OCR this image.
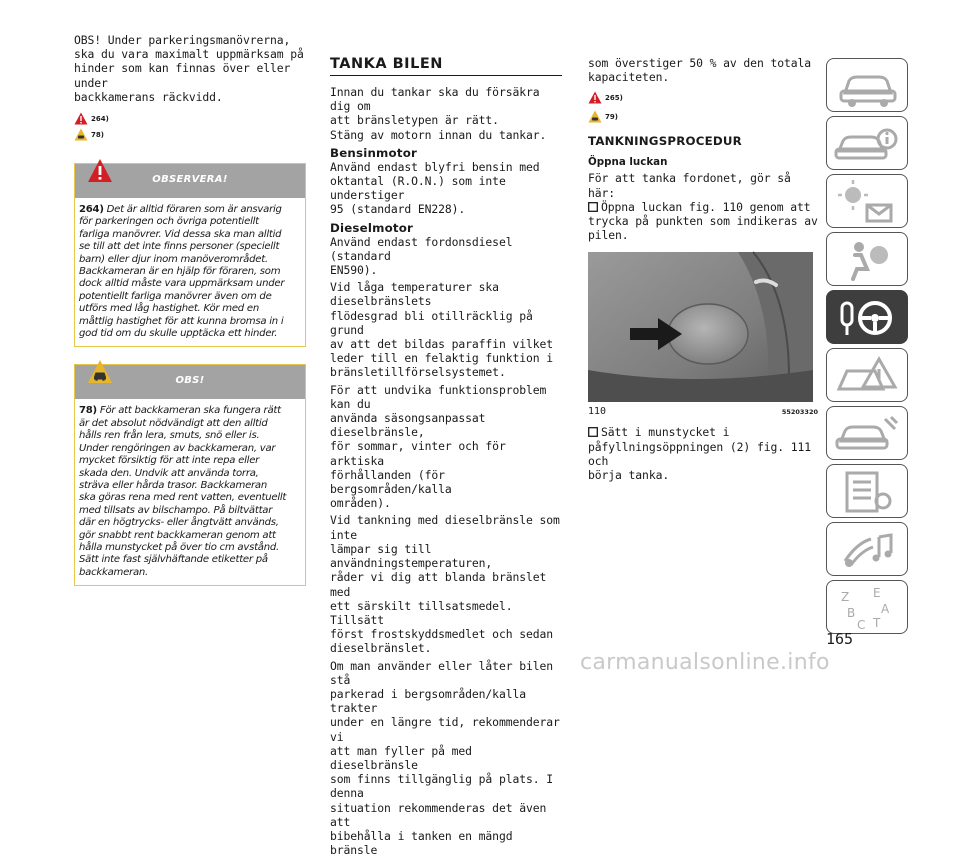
OBS! Under parkeringsmanövrerna,
ska du vara maximalt uppmärksam på
hinder som kan finnas över eller under
backkamerans räckvidd.
264)
78)
OBSERVERA!
264) Det är alltid föraren som är ansvarig
för parkeringen och övriga potentiellt
farliga manövrer. Vid dessa ska man alltid
se till att det inte finns personer (speciellt
barn) eller djur inom manöverområdet.
Backkameran är en hjälp för föraren, som
dock alltid måste vara uppmärksam under
potentiellt farliga manövrer även om de
utförs med låg hastighet. Kör med en
måttlig hastighet för att kunna bromsa in i
god tid om du skulle upptäcka ett hinder.
OBS!
78) För att backkameran ska fungera rätt
är det absolut nödvändigt att den alltid
hålls ren från lera, smuts, snö eller is.
Under rengöringen av backkameran, var
mycket försiktig för att inte repa eller
skada den. Undvik att använda torra,
sträva eller hårda trasor. Backkameran
ska göras rena med rent vatten, eventuellt
med tillsats av bilschampo. På biltvättar
där en högtrycks- eller ångtvätt används,
gör snabbt rent backkameran genom att
hålla munstycket på över tio cm avstånd.
Sätt inte fast självhäftande etiketter på
backkameran.
TANKA BILEN
Innan du tankar ska du försäkra dig om
att bränsletypen är rätt.
Stäng av motorn innan du tankar.
Bensinmotor
Använd endast blyfri bensin med
oktantal (R.O.N.) som inte understiger
95 (standard EN228).
Dieselmotor
Använd endast fordonsdiesel (standard
EN590).
Vid låga temperaturer ska dieselbränslets
flödesgrad bli otillräcklig på grund
av att det bildas paraffin vilket
leder till en felaktig funktion i
bränsletillförselsystemet.
För att undvika funktionsproblem kan du
använda säsongsanpassat dieselbränsle,
för sommar, vinter och för arktiska
förhållanden (för bergsområden/kalla
områden).
Vid tankning med dieselbränsle som inte
lämpar sig till användningstemperaturen,
råder vi dig att blanda bränslet med
ett särskilt tillsatsmedel. Tillsätt
först frostskyddsmedlet och sedan
dieselbränslet.
Om man använder eller låter bilen stå
parkerad i bergsområden/kalla trakter
under en längre tid, rekommenderar vi
att man fyller på med dieselbränsle
som finns tillgänglig på plats. I denna
situation rekommenderas det även att
bibehålla i tanken en mängd bränsle
som överstiger 50 % av den totala
kapaciteten.
265)
79)
TANKNINGSPROCEDUR
Öppna luckan
För att tanka fordonet, gör så här:
Öppna luckan fig. 110 genom att
trycka på punkten som indikeras av
pilen.
110	55203320
Sätt i munstycket i
påfyllningsöppningen (2) fig. 111 och
börja tanka.
Z E
B
C T
A
165
carmanualsonline.info
